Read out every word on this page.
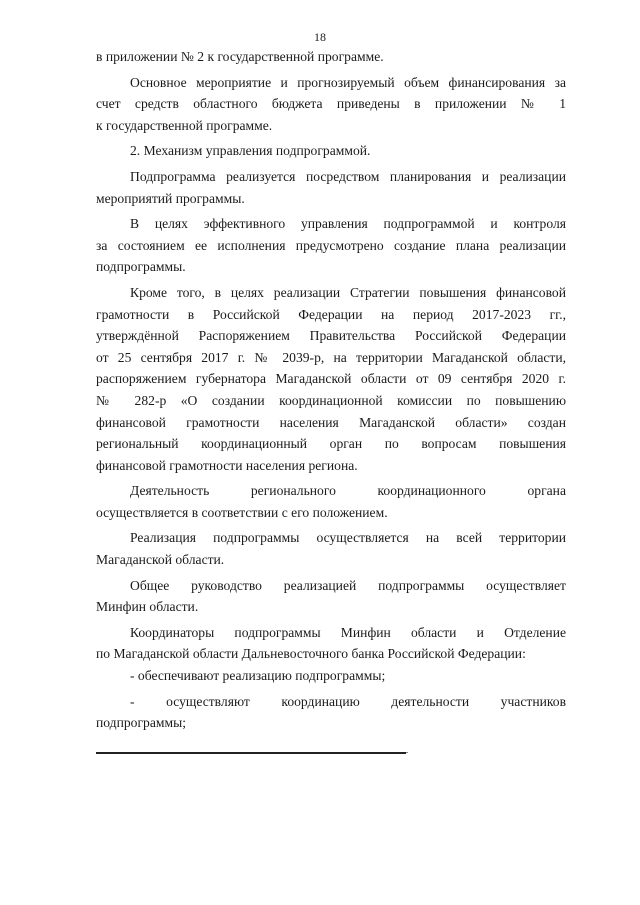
18
в приложении № 2 к государственной программе.
Основное мероприятие и прогнозируемый объем финансирования за
счет средств областного бюджета приведены в приложении № 1
к государственной программе.
2. Механизм управления подпрограммой.
Подпрограмма реализуется посредством планирования и реализации
мероприятий программы.
В целях эффективного управления подпрограммой и контроля
за состоянием ее исполнения предусмотрено создание плана реализации
подпрограммы.
Кроме того, в целях реализации Стратегии повышения финансовой
грамотности в Российской Федерации на период 2017-2023 гг.,
утверждённой Распоряжением Правительства Российской Федерации
от 25 сентября 2017 г. № 2039-р, на территории Магаданской области,
распоряжением губернатора Магаданской области от 09 сентября 2020 г.
№ 282-р «О создании координационной комиссии по повышению
финансовой грамотности населения Магаданской области» создан
региональный координационный орган по вопросам повышения
финансовой грамотности населения региона.
Деятельность регионального координационного органа
осуществляется в соответствии с его положением.
Реализация подпрограммы осуществляется на всей территории
Магаданской области.
Общее руководство реализацией подпрограммы осуществляет
Минфин области.
Координаторы подпрограммы Минфин области и Отделение
по Магаданской области Дальневосточного банка Российской Федерации:
- обеспечивают реализацию подпрограммы;
- осуществляют координацию деятельности участников
подпрограммы;
